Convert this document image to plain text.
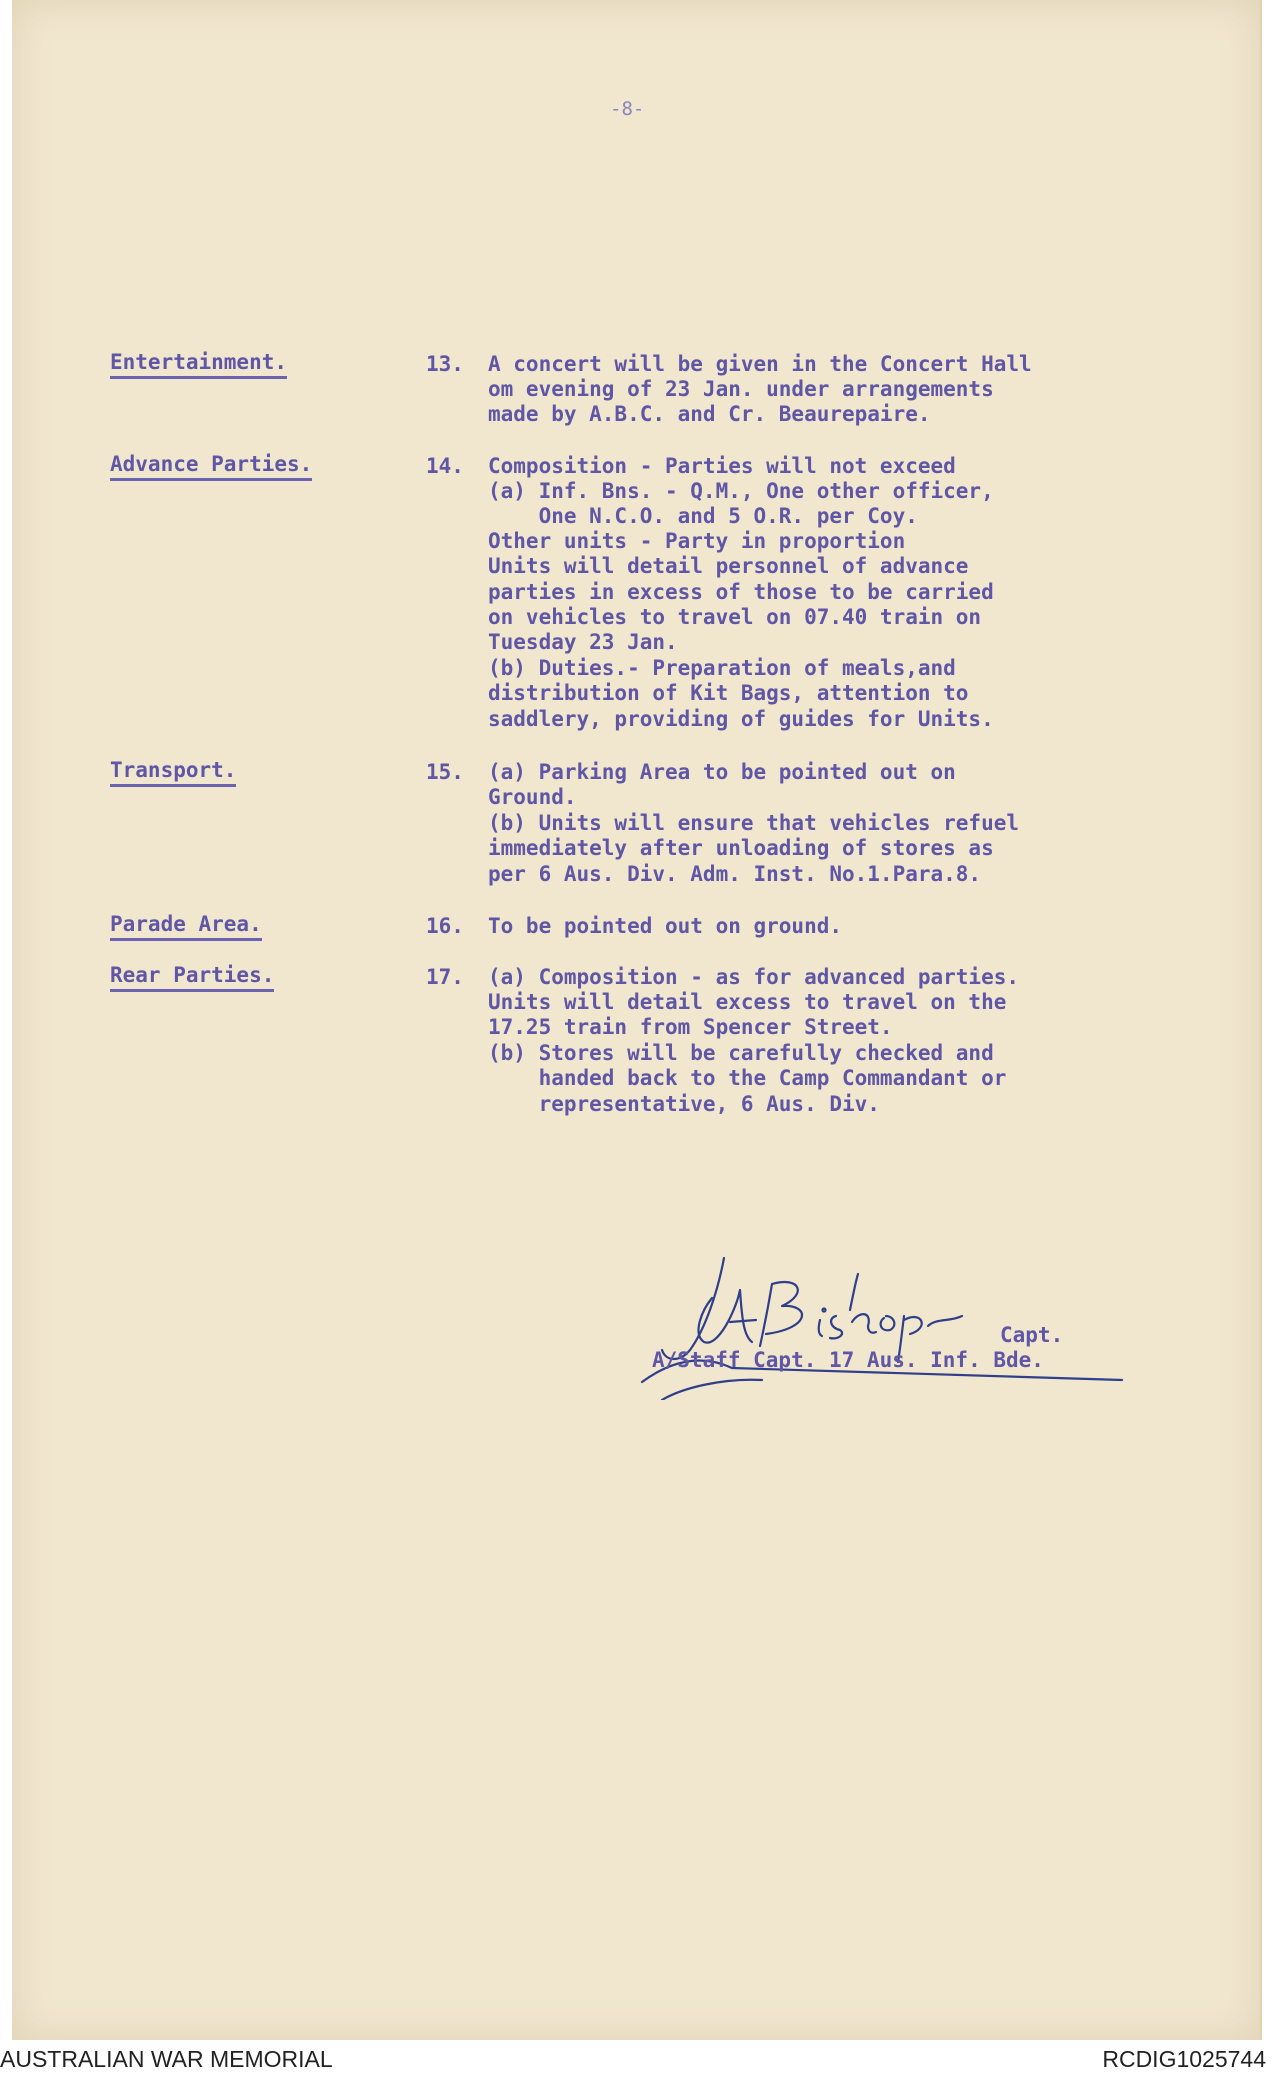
-8-
Entertainment.	13. A concert will be given in the Concert Hall
om evening of 23 Jan. under arrangements
made by A.B.C. and Cr. Beaurepaire.
Advance Parties.	14. Composition - Parties will not exceed
(a) Inf. Bns. - Q.M., One other officer,
One N.C.O. and 5 O.R. per Coy.
Other units - Party in proportion
Units will detail personnel of advance
parties in excess of those to be carried
on vehicles to travel on 07.40 train on
Tuesday 23 Jan.
(b) Duties.- Preparation of meals,and
distribution of Kit Bags, attention to
saddlery, providing of guides for Units.
Transport.	15. (a) Parking Area to be pointed out on
Ground.
(b) Units will ensure that vehicles refuel
immediately after unloading of stores as
per 6 Aus. Div. Adm. Inst. No.1.Para.8.
Parade Area.	16. To be pointed out on ground.
Rear Parties.	17. (a) Composition - as for advanced parties.
Units will detail excess to travel on the
17.25 train from Spencer Street.
(b) Stores will be carefully checked and
handed back to the Camp Commandant or
representative, 6 Aus. Div.
Capt.
A/Staff Capt. 17 Aus. Inf. Bde.
AUSTRALIAN WAR MEMORIAL	RCDIG1025744
